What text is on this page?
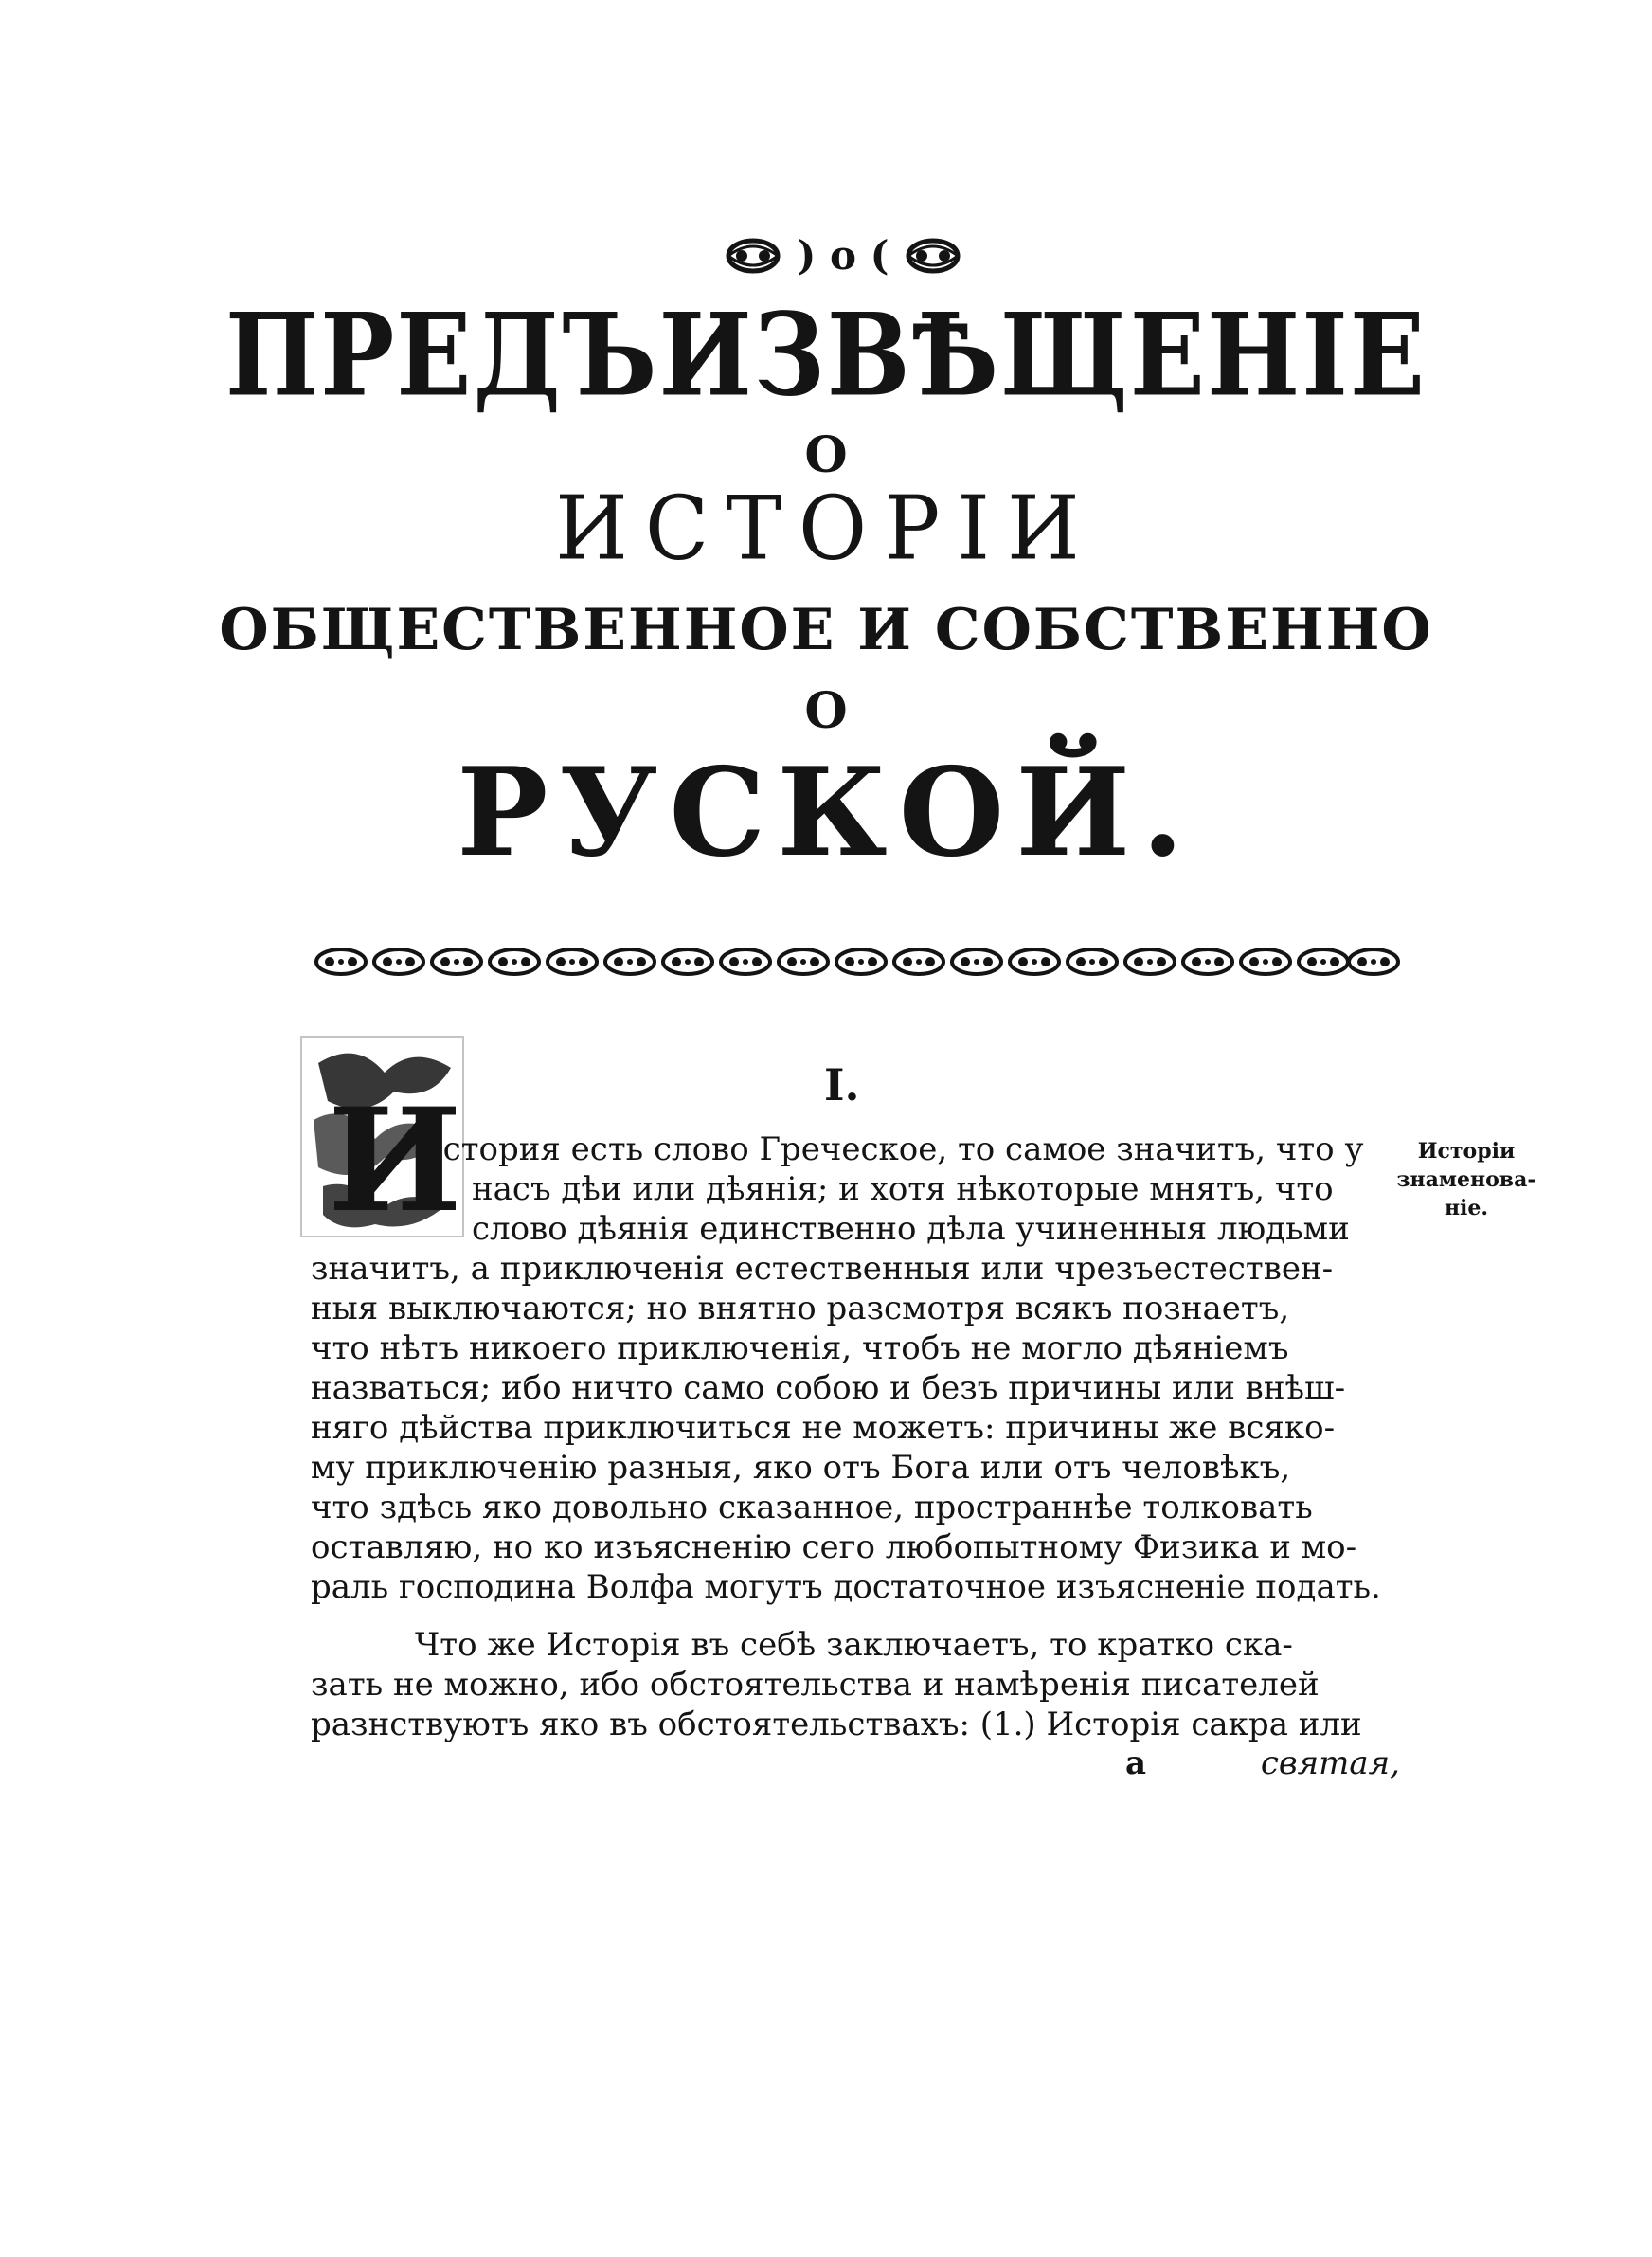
) o (
ПРЕДЪИЗВѢЩЕНІЕ
О
ИСТОРІИ
ОБЩЕСТВЕННОЕ И СОБСТВЕННО
О
РУСКОЙ.
И	I.
Исторiи
знаменова-
нiе.
История есть слово Греческое, то самое значитъ, что у
насъ дѣи или дѣянія; и хотя нѣкоторые мнятъ, что
слово дѣянія единственно дѣла учиненныя людьми
значитъ, а приключенія естественныя или чрезъестествен-
ныя выключаются; но внятно разсмотря всякъ познаетъ,
что нѣтъ никоего приключенія, чтобъ не могло дѣяніемъ
назваться; ибо ничто само собою и безъ причины или внѣш-
няго дѣйства приключиться не можетъ: причины же всяко-
му приключенію разныя, яко отъ Бога или отъ человѣкъ,
что здѣсь яко довольно сказанное, пространнѣе толковать
оставляю, но ко изъясненію сего любопытному Физика и мо-
раль господина Волфа могутъ достаточное изъясненіе подать.
Что же Исторія въ себѣ заключаетъ, то кратко ска-
зать не можно, ибо обстоятельства и намѣренія писателей
разнствуютъ яко въ обстоятельствахъ: (1.) Исторія сакра или
а	святая,
